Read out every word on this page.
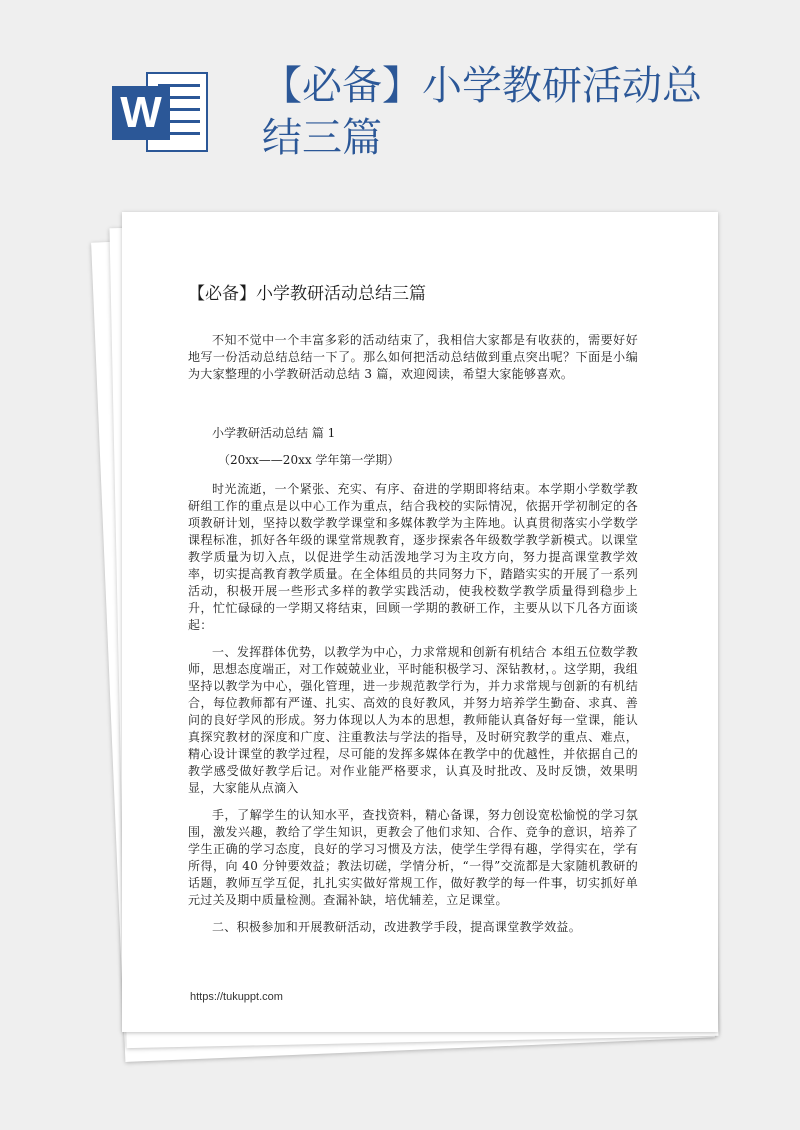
W
【必备】小学教研活动总结三篇

【必备】小学教研活动总结三篇

不知不觉中一个丰富多彩的活动结束了，我相信大家都是有收获的，需要好好地写一份活动总结总结一下了。那么如何把活动总结做到重点突出呢？下面是小编为大家整理的小学教研活动总结 3 篇，欢迎阅读，希望大家能够喜欢。

小学教研活动总结 篇 1

（20xx——20xx 学年第一学期）

时光流逝，一个紧张、充实、有序、奋进的学期即将结束。本学期小学数学教研组工作的重点是以中心工作为重点，结合我校的实际情况，依据开学初制定的各项教研计划，坚持以数学教学课堂和多媒体教学为主阵地。认真贯彻落实小学数学课程标准，抓好各年级的课堂常规教育，逐步探索各年级数学教学新模式。以课堂教学质量为切入点，以促进学生动活泼地学习为主攻方向，努力提高课堂教学效率，切实提高教育教学质量。在全体组员的共同努力下，踏踏实实的开展了一系列活动，积极开展一些形式多样的教学实践活动，使我校数学教学质量得到稳步上升，忙忙碌碌的一学期又将结束，回顾一学期的教研工作，主要从以下几各方面谈起：

一、发挥群体优势，以教学为中心，力求常规和创新有机结合 本组五位数学教师，思想态度端正，对工作兢兢业业，平时能积极学习、深钻教材，。这学期，我组坚持以教学为中心，强化管理，进一步规范教学行为，并力求常规与创新的有机结合，每位教师都有严谨、扎实、高效的良好教风，并努力培养学生勤奋、求真、善问的良好学风的形成。努力体现以人为本的思想，教师能认真备好每一堂课，能认真探究教材的深度和广度、注重教法与学法的指导，及时研究教学的重点、难点，精心设计课堂的教学过程，尽可能的发挥多媒体在教学中的优越性，并依据自己的教学感受做好教学后记。对作业能严格要求，认真及时批改、及时反馈，效果明显，大家能从点滴入

手，了解学生的认知水平，查找资料，精心备课，努力创设宽松愉悦的学习氛围，激发兴趣，教给了学生知识，更教会了他们求知、合作、竞争的意识，培养了学生正确的学习态度，良好的学习习惯及方法，使学生学得有趣，学得实在，学有所得，向 40 分钟要效益；教法切磋，学情分析，“一得”交流都是大家随机教研的话题，教师互学互促，扎扎实实做好常规工作，做好教学的每一件事，切实抓好单元过关及期中质量检测。查漏补缺，培优辅差，立足课堂。

二、积极参加和开展教研活动，改进教学手段，提高课堂教学效益。

https://tukuppt.com
